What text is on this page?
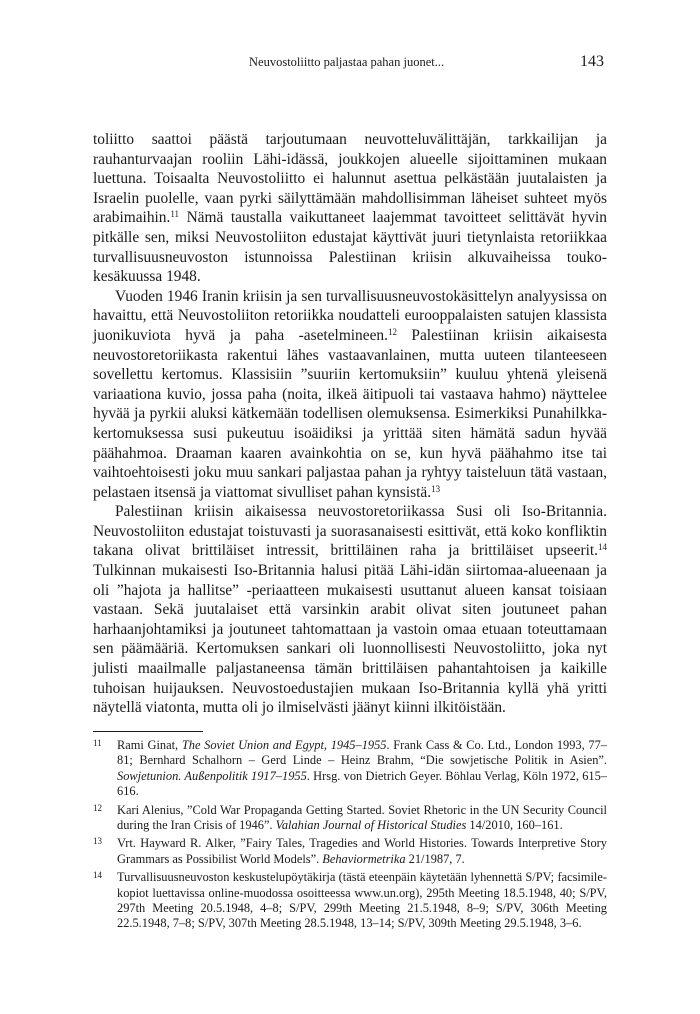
Neuvostoliitto paljastaa pahan juonet...	143

toliitto saattoi päästä tarjoutumaan neuvotteluvälittäjän, tarkkailijan ja rauhanturvaajan rooliin Lähi-idässä, joukkojen alueelle sijoittaminen mukaan luettuna. Toisaalta Neuvostoliitto ei halunnut asettua pelkästään juutalaisten ja Israelin puolelle, vaan pyrki säilyttämään mahdollisimman läheiset suhteet myös arabimaihin.$^{11}$ Nämä taustalla vaikuttaneet laajemmat tavoitteet selittävät hyvin pitkälle sen, miksi Neuvostoliiton edustajat käyttivät juuri tietynlaista retoriikkaa turvallisuusneuvoston istunnoissa Palestiinan kriisin alkuvaiheissa touko-kesäkuussa 1948.

Vuoden 1946 Iranin kriisin ja sen turvallisuusneuvostokäsittelyn analyysissa on havaittu, että Neuvostoliiton retoriikka noudatteli eurooppalaisten satujen klassista juonikuviota hyvä ja paha -asetelmineen.$^{12}$ Palestiinan kriisin aikaisesta neuvostoretoriikasta rakentui lähes vastaavanlainen, mutta uuteen tilanteeseen sovellettu kertomus. Klassisiin ”suuriin kertomuksiin” kuuluu yhtenä yleisenä variaationa kuvio, jossa paha (noita, ilkeä äitipuoli tai vastaava hahmo) näyttelee hyvää ja pyrkii aluksi kätkemään todellisen olemuksensa. Esimerkiksi Punahilkka-kertomuksessa susi pukeutuu isoäidiksi ja yrittää siten hämätä sadun hyvää päähahmoa. Draaman kaaren avainkohtia on se, kun hyvä päähahmo itse tai vaihtoehtoisesti joku muu sankari paljastaa pahan ja ryhtyy taisteluun tätä vastaan, pelastaen itsensä ja viattomat sivulliset pahan kynsistä.$^{13}$

Palestiinan kriisin aikaisessa neuvostoretoriikassa Susi oli Iso-Britannia. Neuvostoliiton edustajat toistuvasti ja suorasanaisesti esittivät, että koko konfliktin takana olivat brittiläiset intressit, brittiläinen raha ja brittiläiset upseerit.$^{14}$ Tulkinnan mukaisesti Iso-Britannia halusi pitää Lähi-idän siirtomaa-alueenaan ja oli ”hajota ja hallitse” -periaatteen mukaisesti usuttanut alueen kansat toisiaan vastaan. Sekä juutalaiset että varsinkin arabit olivat siten joutuneet pahan harhaanjohtamiksi ja joutuneet tahtomattaan ja vastoin omaa etuaan toteuttamaan sen päämääriä. Kertomuksen sankari oli luonnollisesti Neuvostoliitto, joka nyt julisti maailmalle paljastaneensa tämän brittiläisen pahantahtoisen ja kaikille tuhoisan huijauksen. Neuvostoedustajien mukaan Iso-Britannia kyllä yhä yritti näytellä viatonta, mutta oli jo ilmiselvästi jäänyt kiinni ilkitöistään.

11 Rami Ginat, The Soviet Union and Egypt, 1945–1955. Frank Cass & Co. Ltd., London 1993, 77–81; Bernhard Schalhorn – Gerd Linde – Heinz Brahm, “Die sowjetische Politik in Asien”. Sowjetunion. Außenpolitik 1917–1955. Hrsg. von Dietrich Geyer. Böhlau Verlag, Köln 1972, 615–616.
12 Kari Alenius, ”Cold War Propaganda Getting Started. Soviet Rhetoric in the UN Security Council during the Iran Crisis of 1946”. Valahian Journal of Historical Studies 14/2010, 160–161.
13 Vrt. Hayward R. Alker, ”Fairy Tales, Tragedies and World Histories. Towards Interpretive Story Grammars as Possibilist World Models”. Behaviormetrika 21/1987, 7.
14 Turvallisuusneuvoston keskustelupöytäkirja (tästä eteenpäin käytetään lyhennettä S/PV; facsimile-kopiot luettavissa online-muodossa osoitteessa www.un.org), 295th Meeting 18.5.1948, 40; S/PV, 297th Meeting 20.5.1948, 4–8; S/PV, 299th Meeting 21.5.1948, 8–9; S/PV, 306th Meeting 22.5.1948, 7–8; S/PV, 307th Meeting 28.5.1948, 13–14; S/PV, 309th Meeting 29.5.1948, 3–6.
